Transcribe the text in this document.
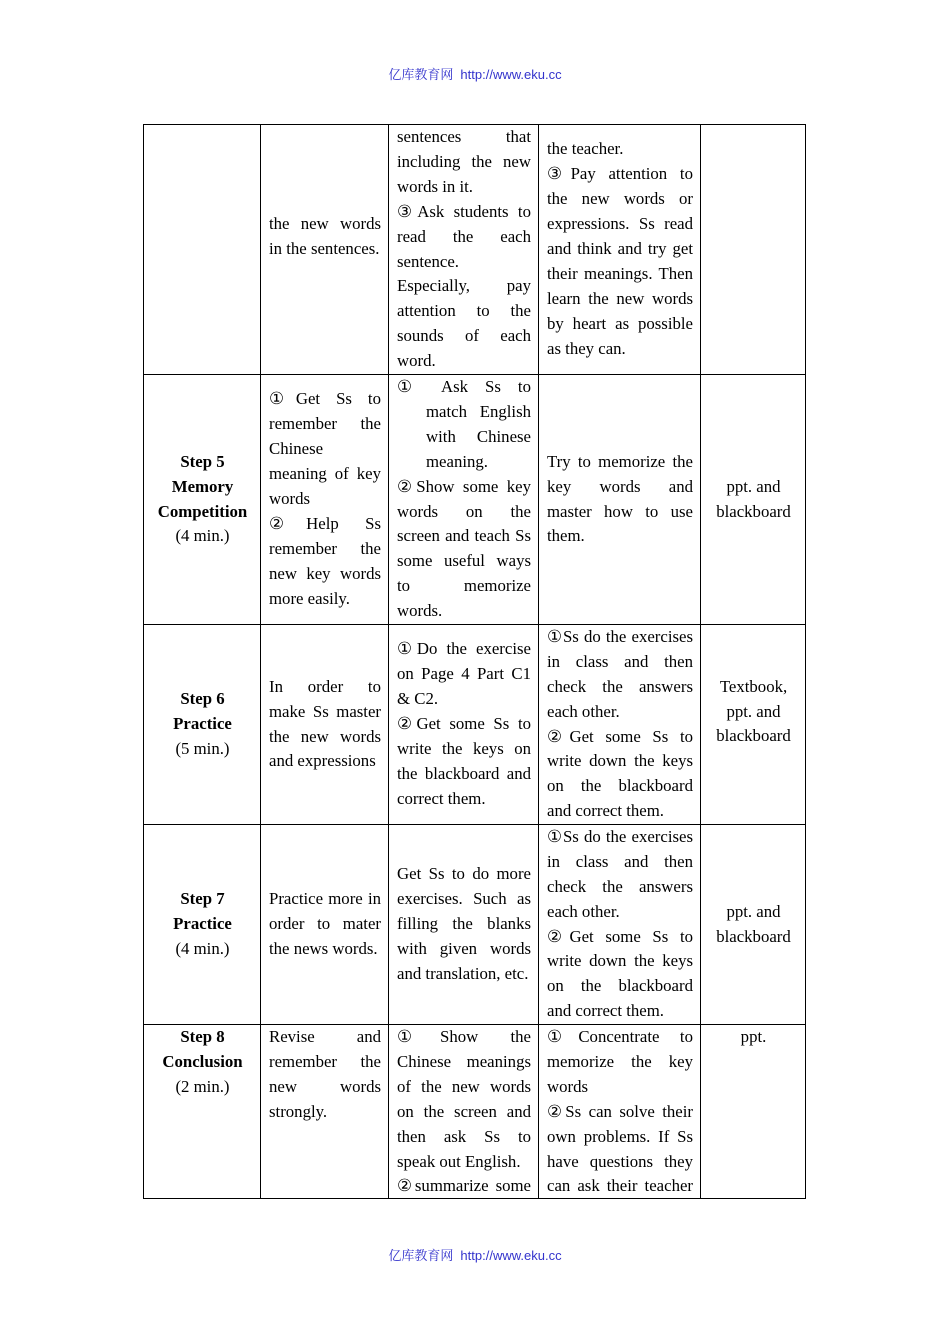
亿库教育网 http://www.eku.cc
the new words
in the sentences.
sentences that
including the new
words in it.
③Ask students to
read the each
sentence.
Especially, pay
attention to the
sounds of each
word.
the teacher.
③Pay attention to
the new words or
expressions. Ss read
and think and try get
their meanings. Then
learn the new words
by heart as possible
as they can.
Step 5
Memory
Competition
(4 min.)
①Get Ss to
remember the
Chinese
meaning of key
words
②Help Ss
remember the
new key words
more easily.
① Ask Ss to
match English
with Chinese
meaning.
②Show some key
words on the
screen and teach Ss
some useful ways
to memorize
words.
Try to memorize the
key words and
master how to use
them.
ppt. and
blackboard
Step 6
Practice
(5 min.)
In order to
make Ss master
the new words
and expressions
①Do the exercise
on Page 4 Part C1
& C2.
②Get some Ss to
write the keys on
the blackboard and
correct them.
①Ss do the exercises
in class and then
check the answers
each other.
②Get some Ss to
write down the keys
on the blackboard
and correct them.
Textbook,
ppt. and
blackboard
Step 7
Practice
(4 min.)
Practice more in
order to mater
the news words.
Get Ss to do more
exercises. Such as
filling the blanks
with given words
and translation, etc.
①Ss do the exercises
in class and then
check the answers
each other.
②Get some Ss to
write down the keys
on the blackboard
and correct them.
ppt. and
blackboard
Step 8
Conclusion
(2 min.)
Revise and
remember the
new words
strongly.
①Show the
Chinese meanings
of the new words
on the screen and
then ask Ss to
speak out English.
②summarize some
①Concentrate to
memorize the key
words
②Ss can solve their
own problems. If Ss
have questions they
can ask their teacher
ppt.
亿库教育网 http://www.eku.cc
